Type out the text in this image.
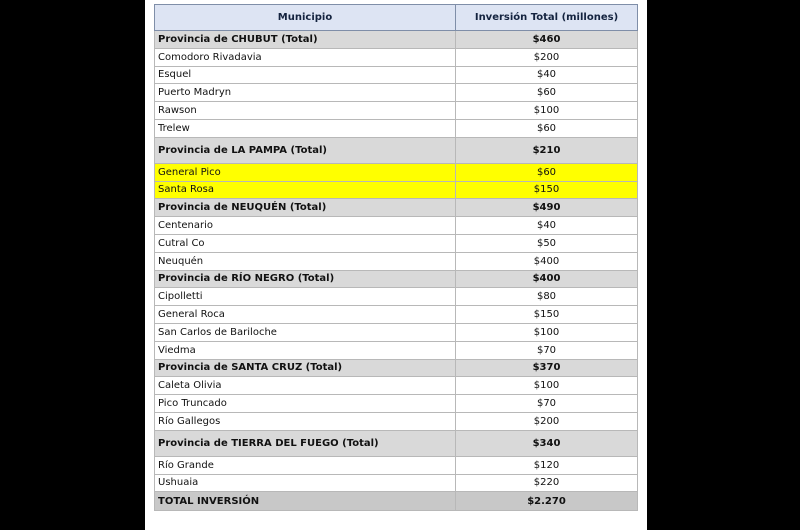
Municipio	Inversión Total (millones)
Provincia de CHUBUT (Total)	$460
Comodoro Rivadavia	$200
Esquel	$40
Puerto Madryn	$60
Rawson	$100
Trelew	$60
Provincia de LA PAMPA (Total)	$210
General Pico	$60
Santa Rosa	$150
Provincia de NEUQUÉN (Total)	$490
Centenario	$40
Cutral Co	$50
Neuquén	$400
Provincia de RÍO NEGRO (Total)	$400
Cipolletti	$80
General Roca	$150
San Carlos de Bariloche	$100
Viedma	$70
Provincia de SANTA CRUZ (Total)	$370
Caleta Olivia	$100
Pico Truncado	$70
Río Gallegos	$200
Provincia de TIERRA DEL FUEGO (Total)	$340
Río Grande	$120
Ushuaia	$220
TOTAL INVERSIÓN	$2.270
